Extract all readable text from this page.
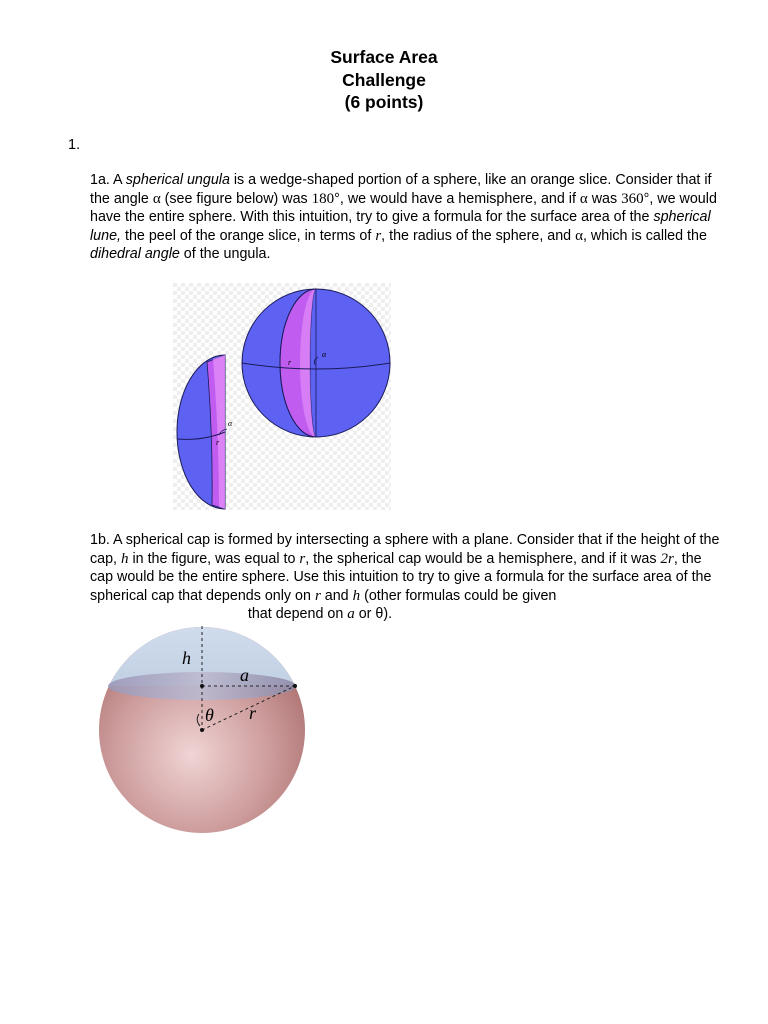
Surface Area
Challenge
(6 points)
1.
1a. A spherical ungula is a wedge-shaped portion of a sphere, like an orange slice. Consider that if the angle α (see figure below) was 180°, we would have a hemisphere, and if α was 360°, we would have the entire sphere. With this intuition, try to give a formula for the surface area of the spherical lune, the peel of the orange slice, in terms of r, the radius of the sphere, and α, which is called the dihedral angle of the ungula.
α
r
α
r
1b. A spherical cap is formed by intersecting a sphere with a plane. Consider that if the height of the cap, h in the figure, was equal to r, the spherical cap would be a hemisphere, and if it was 2r, the cap would be the entire sphere. Use this intuition to try to give a formula for the surface area of the spherical cap that depends only on r and h (other formulas could be given
that depend on a or θ).
h
a
θ r
